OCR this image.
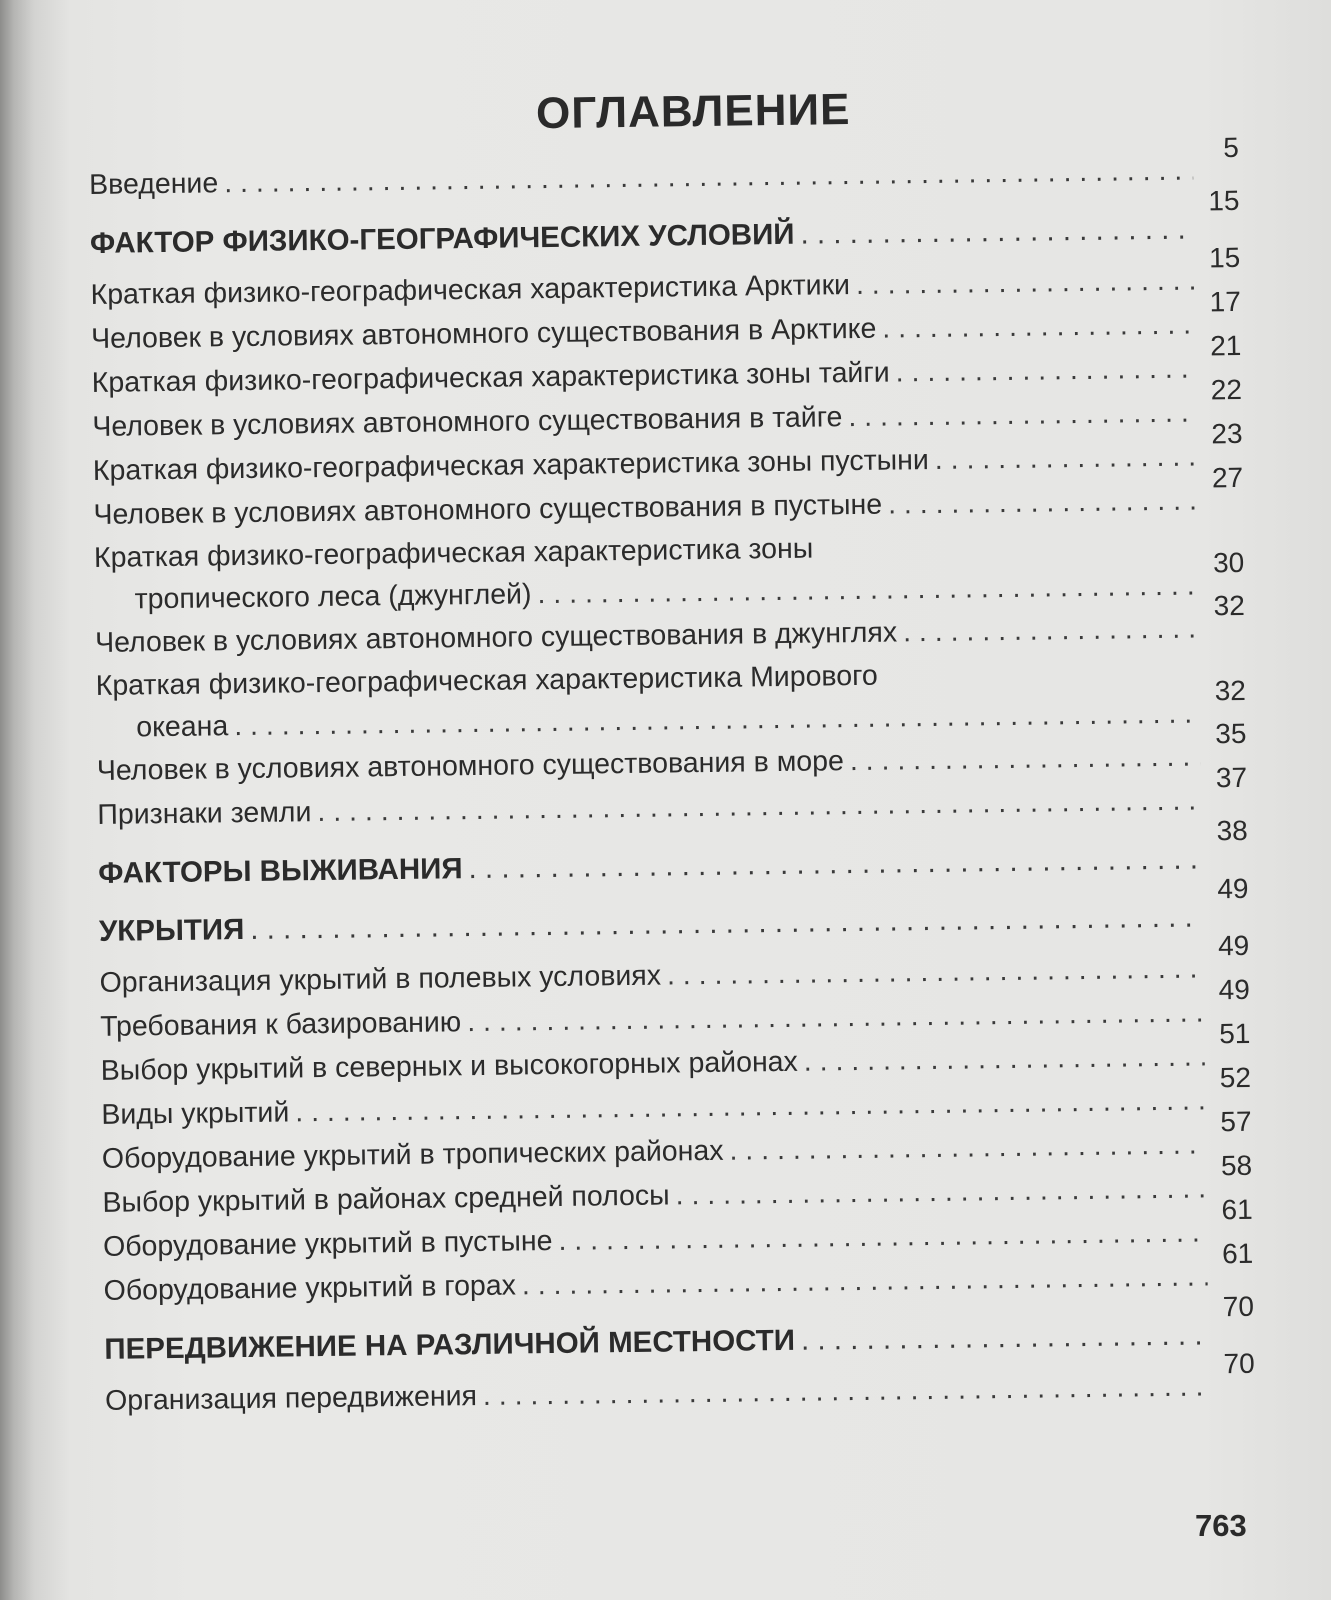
ОГЛАВЛЕНИЕ
Введение
. . .
5
ФАКТОР ФИЗИКО-ГЕОГРАФИЧЕСКИХ УСЛОВИЙ
. . .
15
Краткая физико-географическая характеристика Арктики
. . .
15
Человек в условиях автономного существования в Арктике
. . .
17
Краткая физико-географическая характеристика зоны тайги
. . .
21
Человек в условиях автономного существования в тайге
. . .
22
Краткая физико-географическая характеристика зоны пустыни
. . .
23
Человек в условиях автономного существования в пустыне
. . .
27
Краткая физико-географическая характеристика зоны
тропического леса (джунглей)
. . .
30
Человек в условиях автономного существования в джунглях
. . .
32
Краткая физико-географическая характеристика Мирового
океана
. . .
32
Человек в условиях автономного существования в море
. . .
35
Признаки земли
. . .
37
ФАКТОРЫ ВЫЖИВАНИЯ
. . .
38
УКРЫТИЯ
. . .
49
Организация укрытий в полевых условиях
. . .
49
Требования к базированию
. . .
49
Выбор укрытий в северных и высокогорных районах
. . .
51
Виды укрытий
. . .
52
Оборудование укрытий в тропических районах
. . .
57
Выбор укрытий в районах средней полосы
. . .
58
Оборудование укрытий в пустыне
. . .
61
Оборудование укрытий в горах
. . .
61
ПЕРЕДВИЖЕНИЕ НА РАЗЛИЧНОЙ МЕСТНОСТИ
. . .
70
Организация передвижения
. . .
70
763
